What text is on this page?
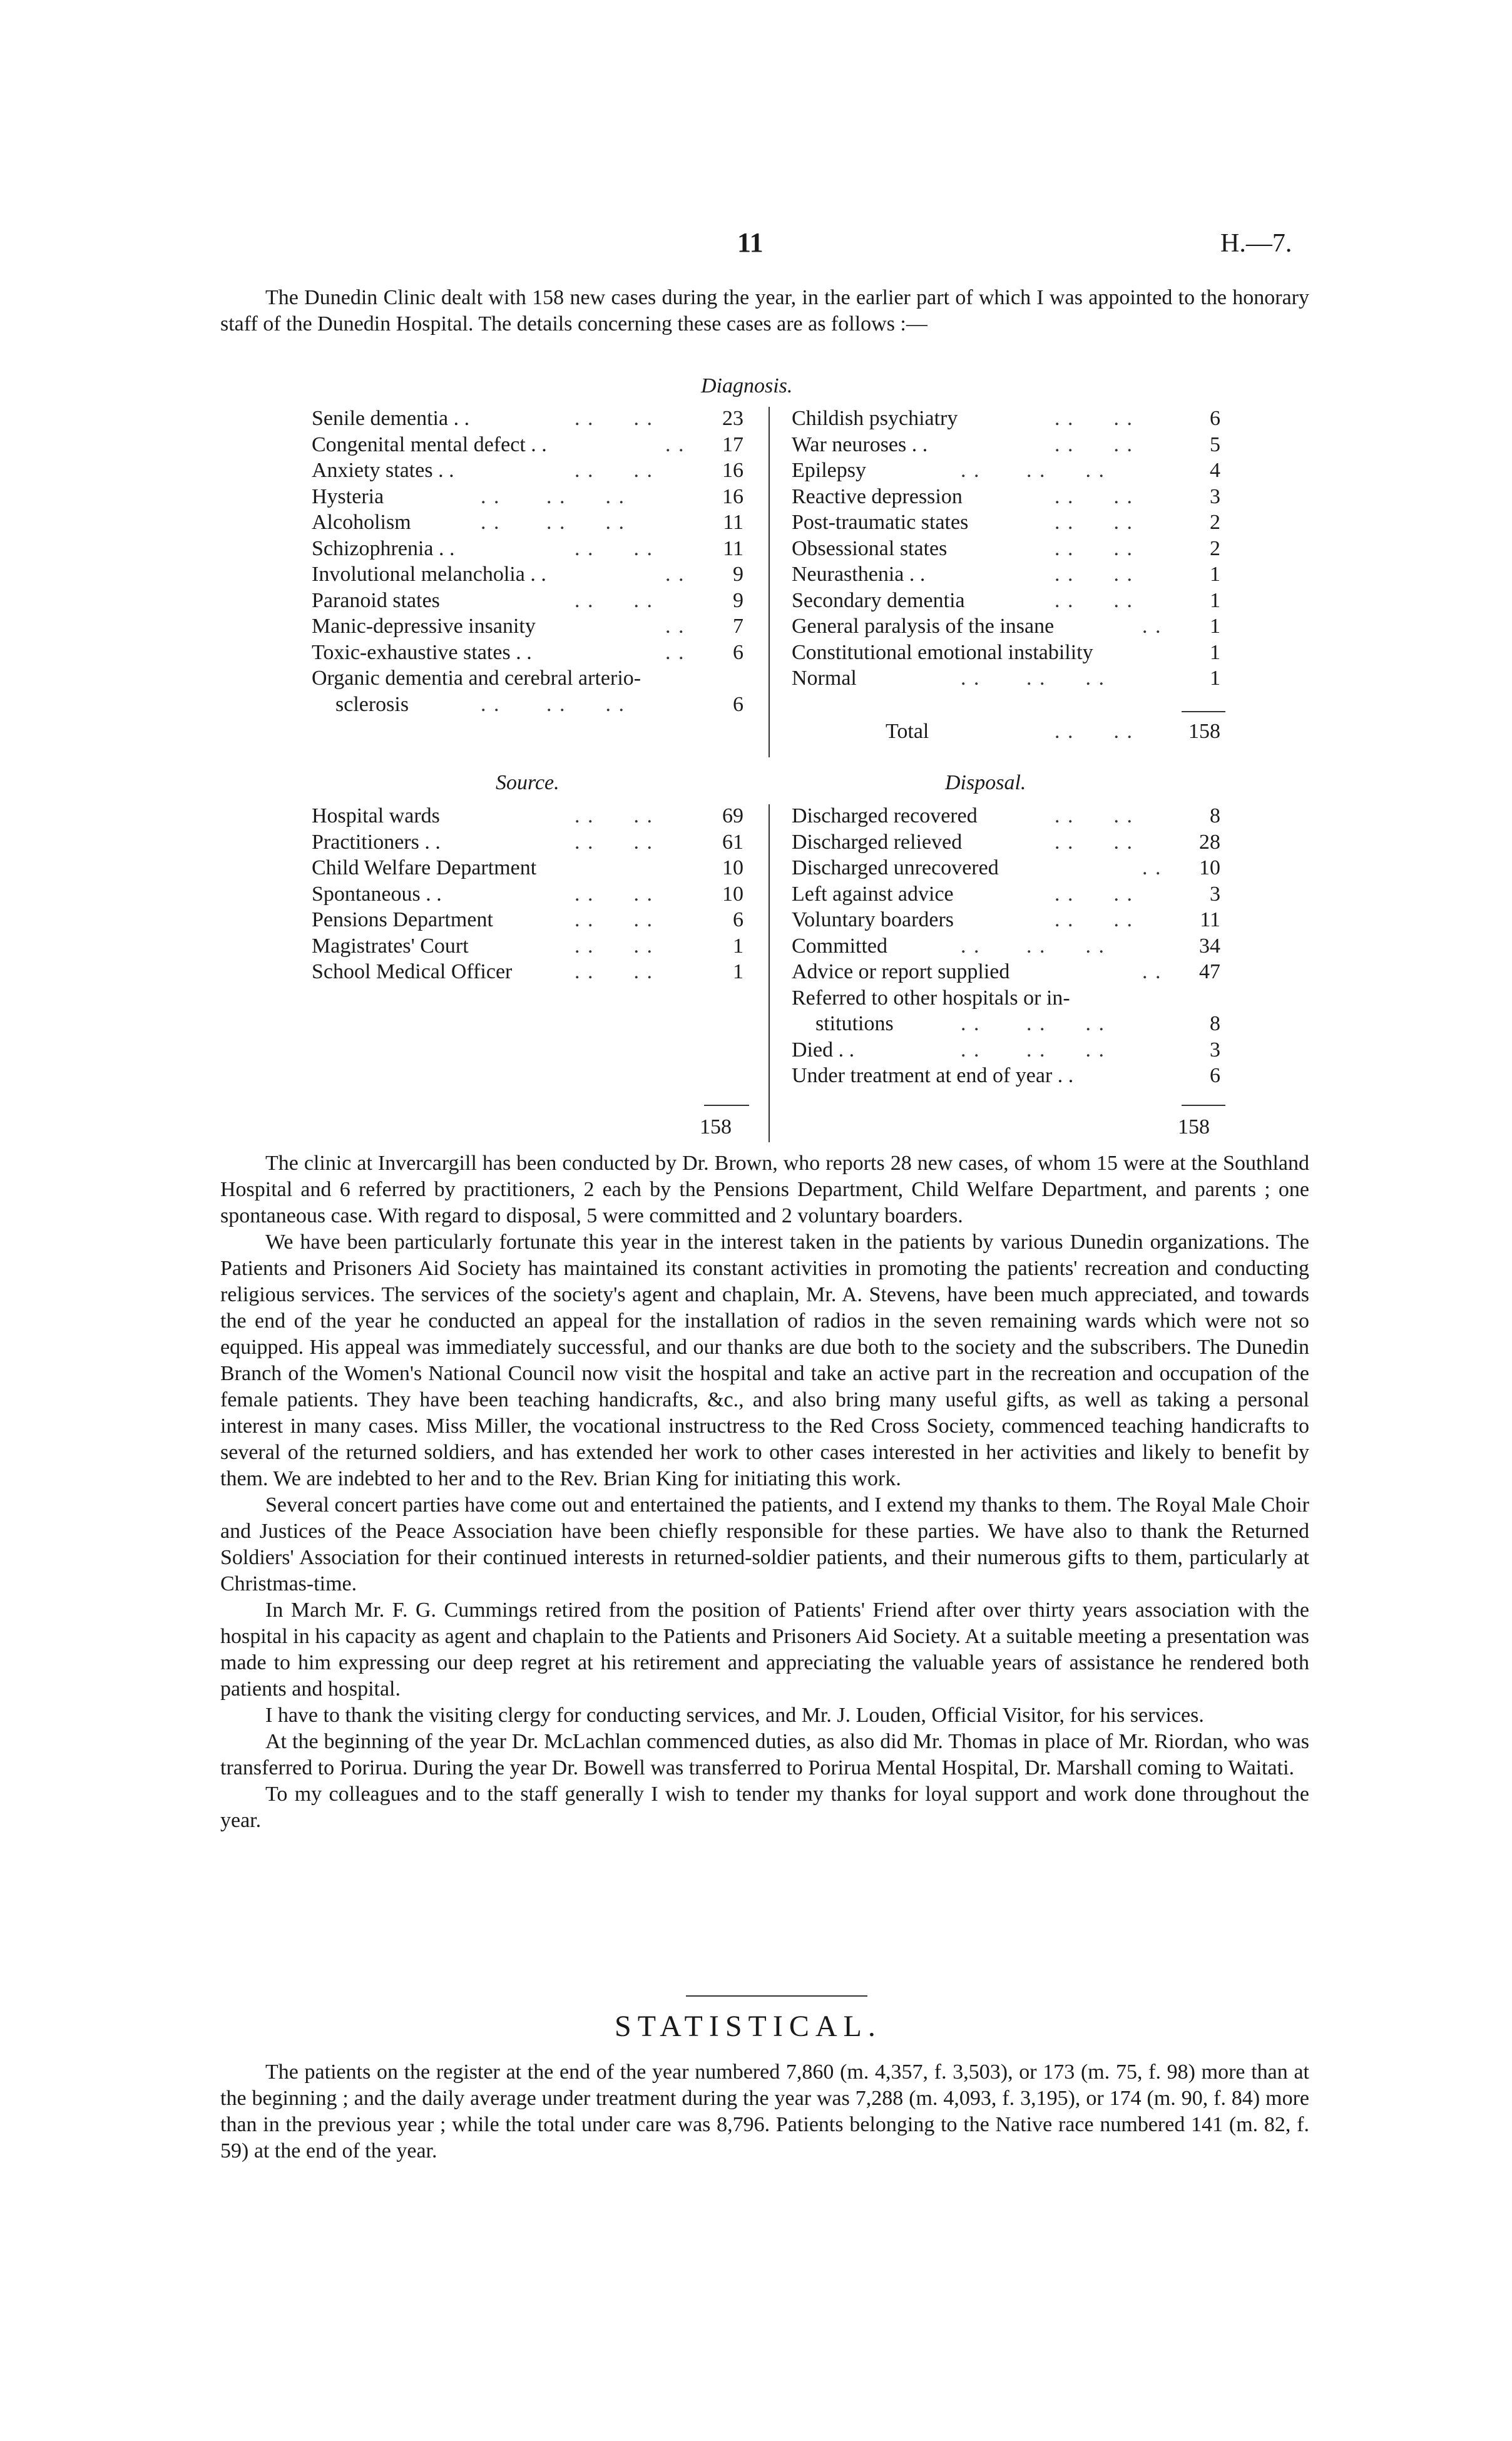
11	H.—7.

The Dunedin Clinic dealt with 158 new cases during the year, in the earlier part of which I was appointed to the honorary staff of the Dunedin Hospital. The details concerning these cases are as follows :—

Diagnosis.
Senile dementia . .	. .      . .	23
Congenital mental defect . .	. .	17
Anxiety states . .	. .      . .	16
Hysteria	. .       . .      . .	16
Alcoholism	. .       . .      . .	11
Schizophrenia . .	. .      . .	11
Involutional melancholia . .	. .	9
Paranoid states	. .      . .	9
Manic-depressive insanity	. .	7
Toxic-exhaustive states . .	. .	6
Organic dementia and cerebral arterio-
sclerosis	. .       . .      . .	6
Childish psychiatry	. .      . .	6
War neuroses . .	. .      . .	5
Epilepsy	. .       . .      . .	4
Reactive depression	. .      . .	3
Post-traumatic states	. .      . .	2
Obsessional states	. .      . .	2
Neurasthenia . .	. .      . .	1
Secondary dementia	. .      . .	1
General paralysis of the insane	. .	1
Constitutional emotional instability	1
Normal	. .       . .      . .	1
Total	. .      . .	158
Source.	Disposal.
Hospital wards	. .      . .	69
Practitioners . .	. .      . .	61
Child Welfare Department	10
Spontaneous . .	. .      . .	10
Pensions Department	. .      . .	6
Magistrates' Court	. .      . .	1
School Medical Officer	. .      . .	1
Discharged recovered	. .      . .	8
Discharged relieved	. .      . .	28
Discharged unrecovered	. .	10
Left against advice	. .      . .	3
Voluntary boarders	. .      . .	11
Committed	. .       . .      . .	34
Advice or report supplied	. .	47
Referred to other hospitals or in-
stitutions	. .       . .      . .	8
Died . .	. .       . .      . .	3
Under treatment at end of year . .	6
158	158

The clinic at Invercargill has been conducted by Dr. Brown, who reports 28 new cases, of whom 15 were at the Southland Hospital and 6 referred by practitioners, 2 each by the Pensions Department, Child Welfare Department, and parents ; one spontaneous case. With regard to disposal, 5 were committed and 2 voluntary boarders.

We have been particularly fortunate this year in the interest taken in the patients by various Dunedin organizations. The Patients and Prisoners Aid Society has maintained its constant activities in promoting the patients' recreation and conducting religious services. The services of the society's agent and chaplain, Mr. A. Stevens, have been much appreciated, and towards the end of the year he conducted an appeal for the installation of radios in the seven remaining wards which were not so equipped. His appeal was immediately successful, and our thanks are due both to the society and the subscribers. The Dunedin Branch of the Women's National Council now visit the hospital and take an active part in the recreation and occupation of the female patients. They have been teaching handicrafts, &c., and also bring many useful gifts, as well as taking a personal interest in many cases. Miss Miller, the vocational instructress to the Red Cross Society, commenced teaching handicrafts to several of the returned soldiers, and has extended her work to other cases interested in her activities and likely to benefit by them. We are indebted to her and to the Rev. Brian King for initiating this work.

Several concert parties have come out and entertained the patients, and I extend my thanks to them. The Royal Male Choir and Justices of the Peace Association have been chiefly responsible for these parties. We have also to thank the Returned Soldiers' Association for their continued interests in returned-soldier patients, and their numerous gifts to them, particularly at Christmas-time.

In March Mr. F. G. Cummings retired from the position of Patients' Friend after over thirty years association with the hospital in his capacity as agent and chaplain to the Patients and Prisoners Aid Society. At a suitable meeting a presentation was made to him expressing our deep regret at his retirement and appreciating the valuable years of assistance he rendered both patients and hospital.

I have to thank the visiting clergy for conducting services, and Mr. J. Louden, Official Visitor, for his services.

At the beginning of the year Dr. McLachlan commenced duties, as also did Mr. Thomas in place of Mr. Riordan, who was transferred to Porirua. During the year Dr. Bowell was transferred to Porirua Mental Hospital, Dr. Marshall coming to Waitati.

To my colleagues and to the staff generally I wish to tender my thanks for loyal support and work done throughout the year.

STATISTICAL.

The patients on the register at the end of the year numbered 7,860 (m. 4,357, f. 3,503), or 173 (m. 75, f. 98) more than at the beginning ; and the daily average under treatment during the year was 7,288 (m. 4,093, f. 3,195), or 174 (m. 90, f. 84) more than in the previous year ; while the total under care was 8,796. Patients belonging to the Native race numbered 141 (m. 82, f. 59) at the end of the year.
